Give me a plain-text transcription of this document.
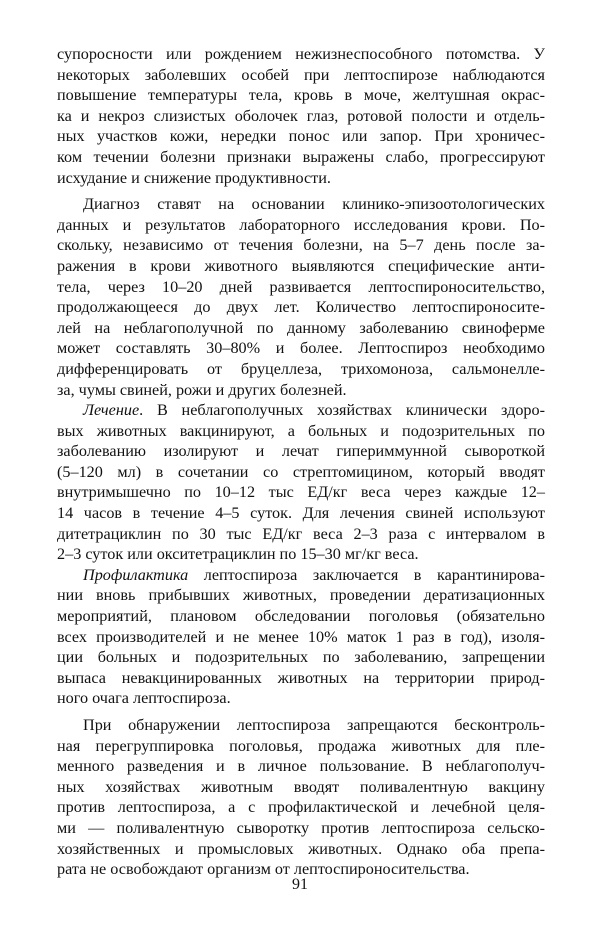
супоросности или рождением нежизнеспособного потомства. У
некоторых заболевших особей при лептоспирозе наблюдаются
повышение температуры тела, кровь в моче, желтушная окрас-
ка и некроз слизистых оболочек глаз, ротовой полости и отдель-
ных участков кожи, нередки понос или запор. При хроничес-
ком течении болезни признаки выражены слабо, прогрессируют
исхудание и снижение продуктивности.
Диагноз ставят на основании клинико-эпизоотологических
данных и результатов лабораторного исследования крови. По-
скольку, независимо от течения болезни, на 5–7 день после за-
ражения в крови животного выявляются специфические анти-
тела, через 10–20 дней развивается лептоспироносительство,
продолжающееся до двух лет. Количество лептоспироносите-
лей на неблагополучной по данному заболеванию свиноферме
может составлять 30–80% и более. Лептоспироз необходимо
дифференцировать от бруцеллеза, трихомоноза, сальмонелле-
за, чумы свиней, рожи и других болезней.
Лечение. В неблагополучных хозяйствах клинически здоро-
вых животных вакцинируют, а больных и подозрительных по
заболеванию изолируют и лечат гипериммунной сывороткой
(5–120 мл) в сочетании со стрептомицином, который вводят
внутримышечно по 10–12 тыс ЕД/кг веса через каждые 12–
14 часов в течение 4–5 суток. Для лечения свиней используют
дитетрациклин по 30 тыс ЕД/кг веса 2–3 раза с интервалом в
2–3 суток или окситетрациклин по 15–30 мг/кг веса.
Профилактика лептоспироза заключается в карантинирова-
нии вновь прибывших животных, проведении дератизационных
мероприятий, плановом обследовании поголовья (обязательно
всех производителей и не менее 10% маток 1 раз в год), изоля-
ции больных и подозрительных по заболеванию, запрещении
выпаса невакцинированных животных на территории природ-
ного очага лептоспироза.
При обнаружении лептоспироза запрещаются бесконтроль-
ная перегруппировка поголовья, продажа животных для пле-
менного разведения и в личное пользование. В неблагополуч-
ных хозяйствах животным вводят поливалентную вакцину
против лептоспироза, а с профилактической и лечебной целя-
ми — поливалентную сыворотку против лептоспироза сельско-
хозяйственных и промысловых животных. Однако оба препа-
рата не освобождают организм от лептоспироносительства.
91
